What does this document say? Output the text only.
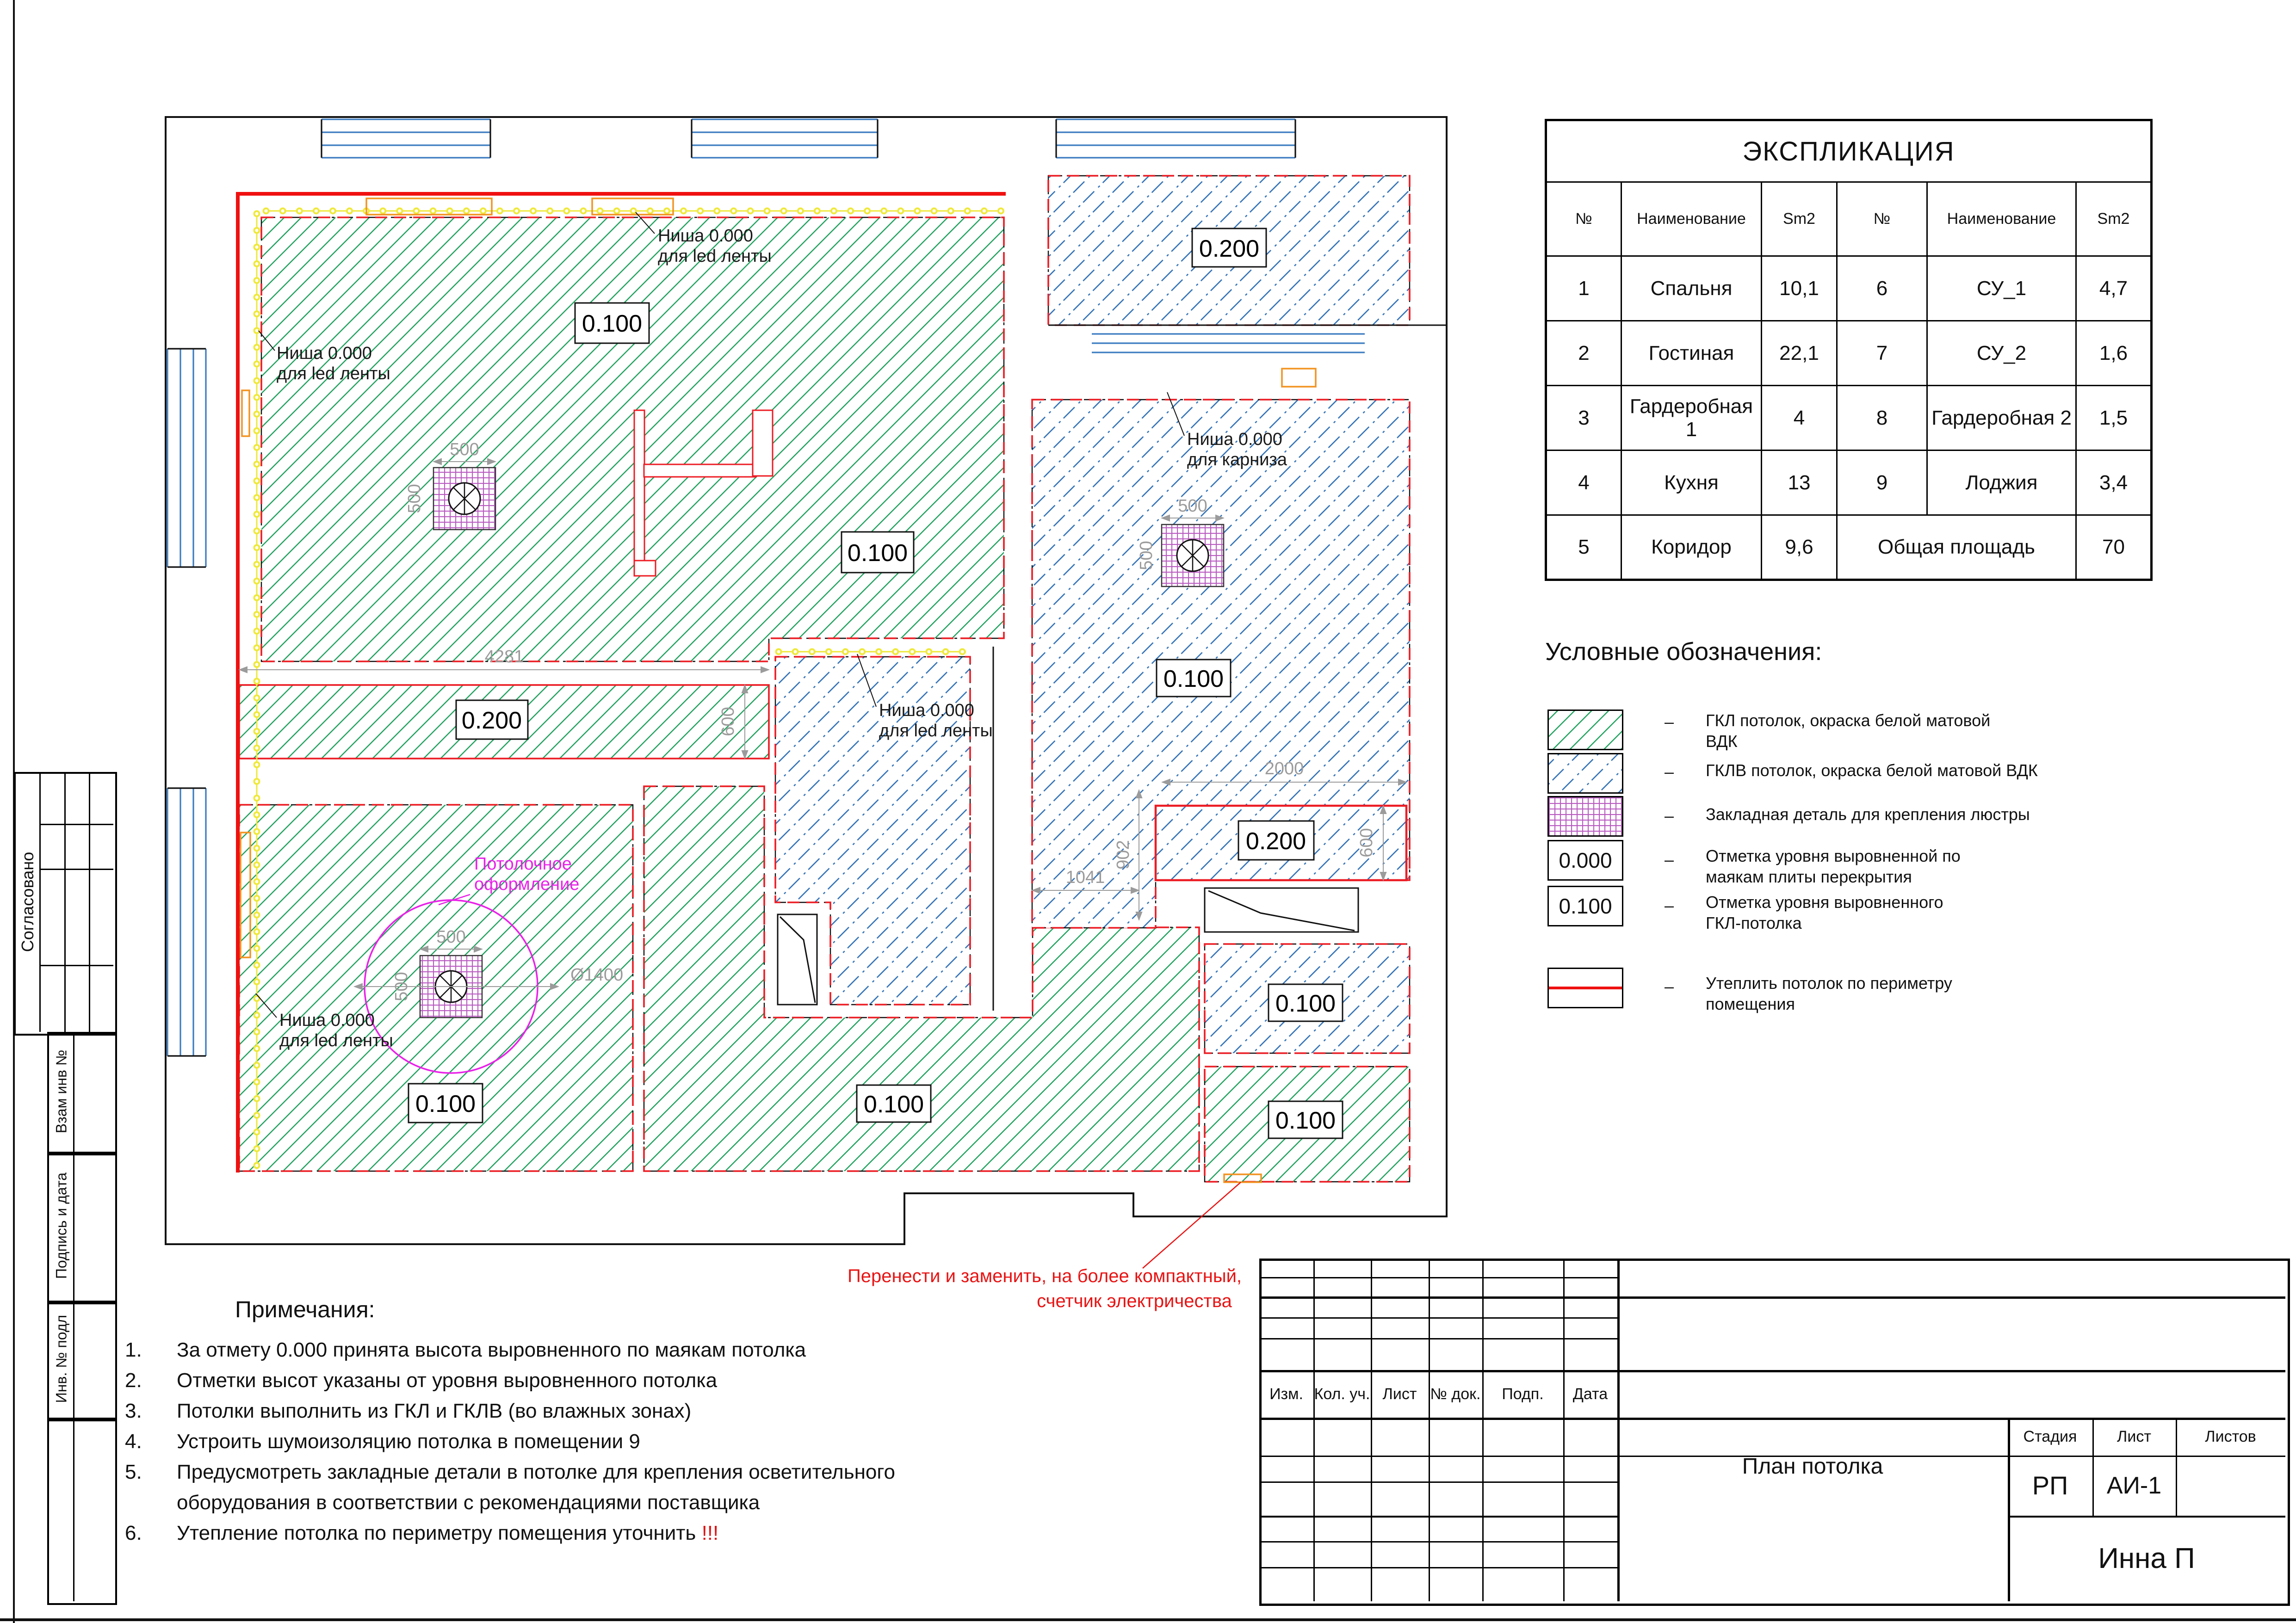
0.100
0.100
0.200
0.100	0.100
0.100
0.200
0.200
0.100
0.100
4281
600
2000
902
1041
600
500
500	500
500
500
500	Ø1400
Ниша 0.000
для led ленты
Ниша 0.000
для led ленты
Ниша 0.000
для led ленты
Ниша 0.000
для led ленты
Ниша 0.000
для карниза
Потолочное
оформление
Перенести и заменить, на более компактный,
счетчик электричества
Согласовано
Взам инв №
Подпись и дата
Инв. № подл
ЭКСПЛИКАЦИЯ					
№	Наименование	Sm2	№	Наименование	Sm2
1	Спальня	10,1	6	СУ_1	4,7
2	Гостиная	22,1	7	СУ_2	1,6
3	Гардеробная 1	4	8	Гардеробная 2	1,5
4	Кухня	13	9	Лоджия	3,4
5	Коридор	9,6	Общая площадь		70
Условные обозначения:
– ГКЛ потолок, окраска белой матовой
ВДК
– ГКЛВ потолок, окраска белой матовой ВДК
– Закладная деталь для крепления люстры
0.000	– Отметка уровня выровненной по
маякам плиты перекрытия
0.100	– Отметка уровня выровненного
ГКЛ-потолка
– Утеплить потолок по периметру
помещения
Примечания:
1.	За отмету 0.000 принята высота выровненного по маякам потолка
2.	Отметки высот указаны от уровня выровненного потолка
3.	Потолки выполнить из ГКЛ и ГКЛВ (во влажных зонах)
4.	Устроить шумоизоляцию потолка в помещении 9
5.	Предусмотреть закладные детали в потолке для крепления осветительного
оборудования в соответствии с рекомендациями поставщика
6.	Утепление потолка по периметру помещения уточнить !!!
Изм. Кол. уч. Лист № док.	Подп.	Дата
План потолка
Стадия	Лист	Листов
РП	АИ-1
Инна П
